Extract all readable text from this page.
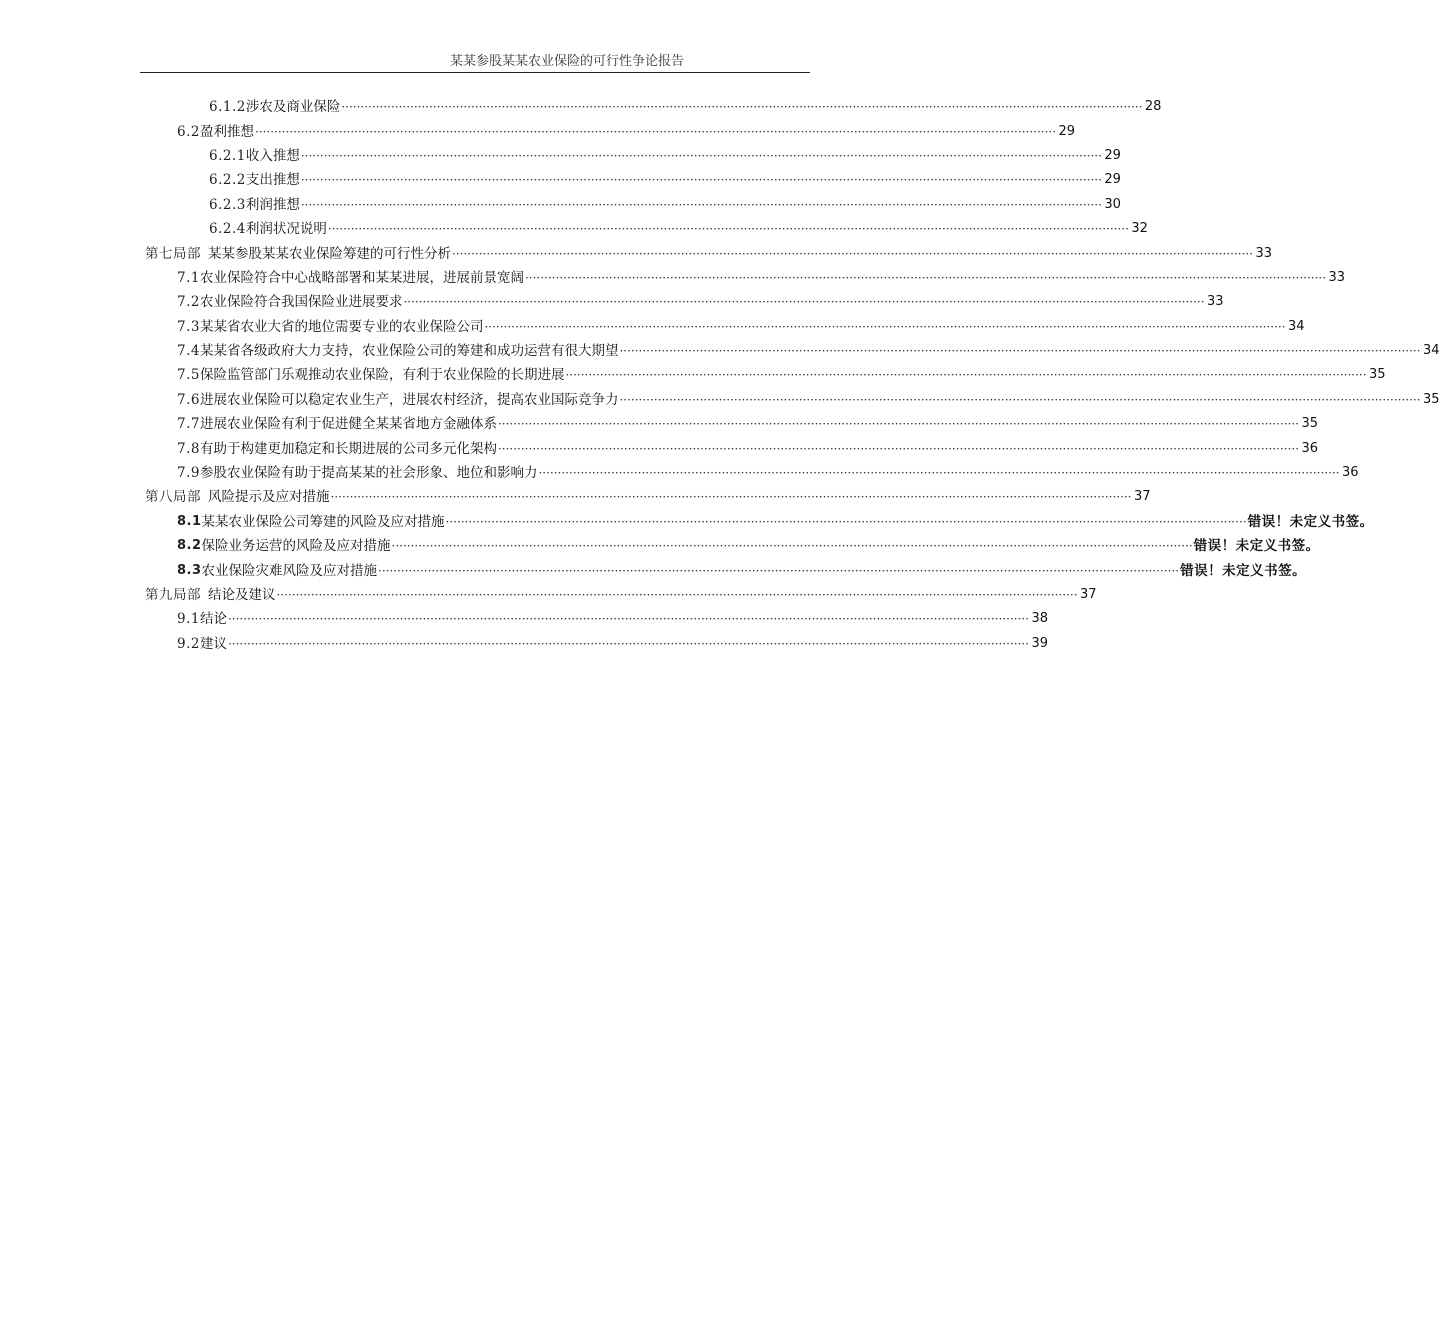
某某参股某某农业保险的可行性争论报告
6.1.2 涉农及商业保险 ·····	28
6.2 盈利推想 ·····	29
6.2.1 收入推想 ·····	29
6.2.2 支出推想 ·····	29
6.2.3 利润推想 ·····	30
6.2.4 利润状况说明 ·····	32
第七局部 某某参股某某农业保险筹建的可行性分析 ·····	33
7.1 农业保险符合中心战略部署和某某进展，进展前景宽阔 ·····	33
7.2 农业保险符合我国保险业进展要求 ·····	33
7.3 某某省农业大省的地位需要专业的农业保险公司 ·····	34
7.4 某某省各级政府大力支持，农业保险公司的筹建和成功运营有很大期望 ·····	34
7.5 保险监管部门乐观推动农业保险，有利于农业保险的长期进展 ·····	35
7.6 进展农业保险可以稳定农业生产，进展农村经济，提高农业国际竞争力 ·····	35
7.7 进展农业保险有利于促进健全某某省地方金融体系 ·····	35
7.8 有助于构建更加稳定和长期进展的公司多元化架构 ·····	36
7.9 参股农业保险有助于提高某某的社会形象、地位和影响力 ·····	36
第八局部 风险提示及应对措施 ·····	37
8.1 某某农业保险公司筹建的风险及应对措施 ·····	错误！未定义书签。
8.2 保险业务运营的风险及应对措施 ·····	错误！未定义书签。
8.3 农业保险灾难风险及应对措施 ·····	错误！未定义书签。
第九局部 结论及建议 ·····	37
9.1 结论 ·····	38
9.2 建议 ·····	39
